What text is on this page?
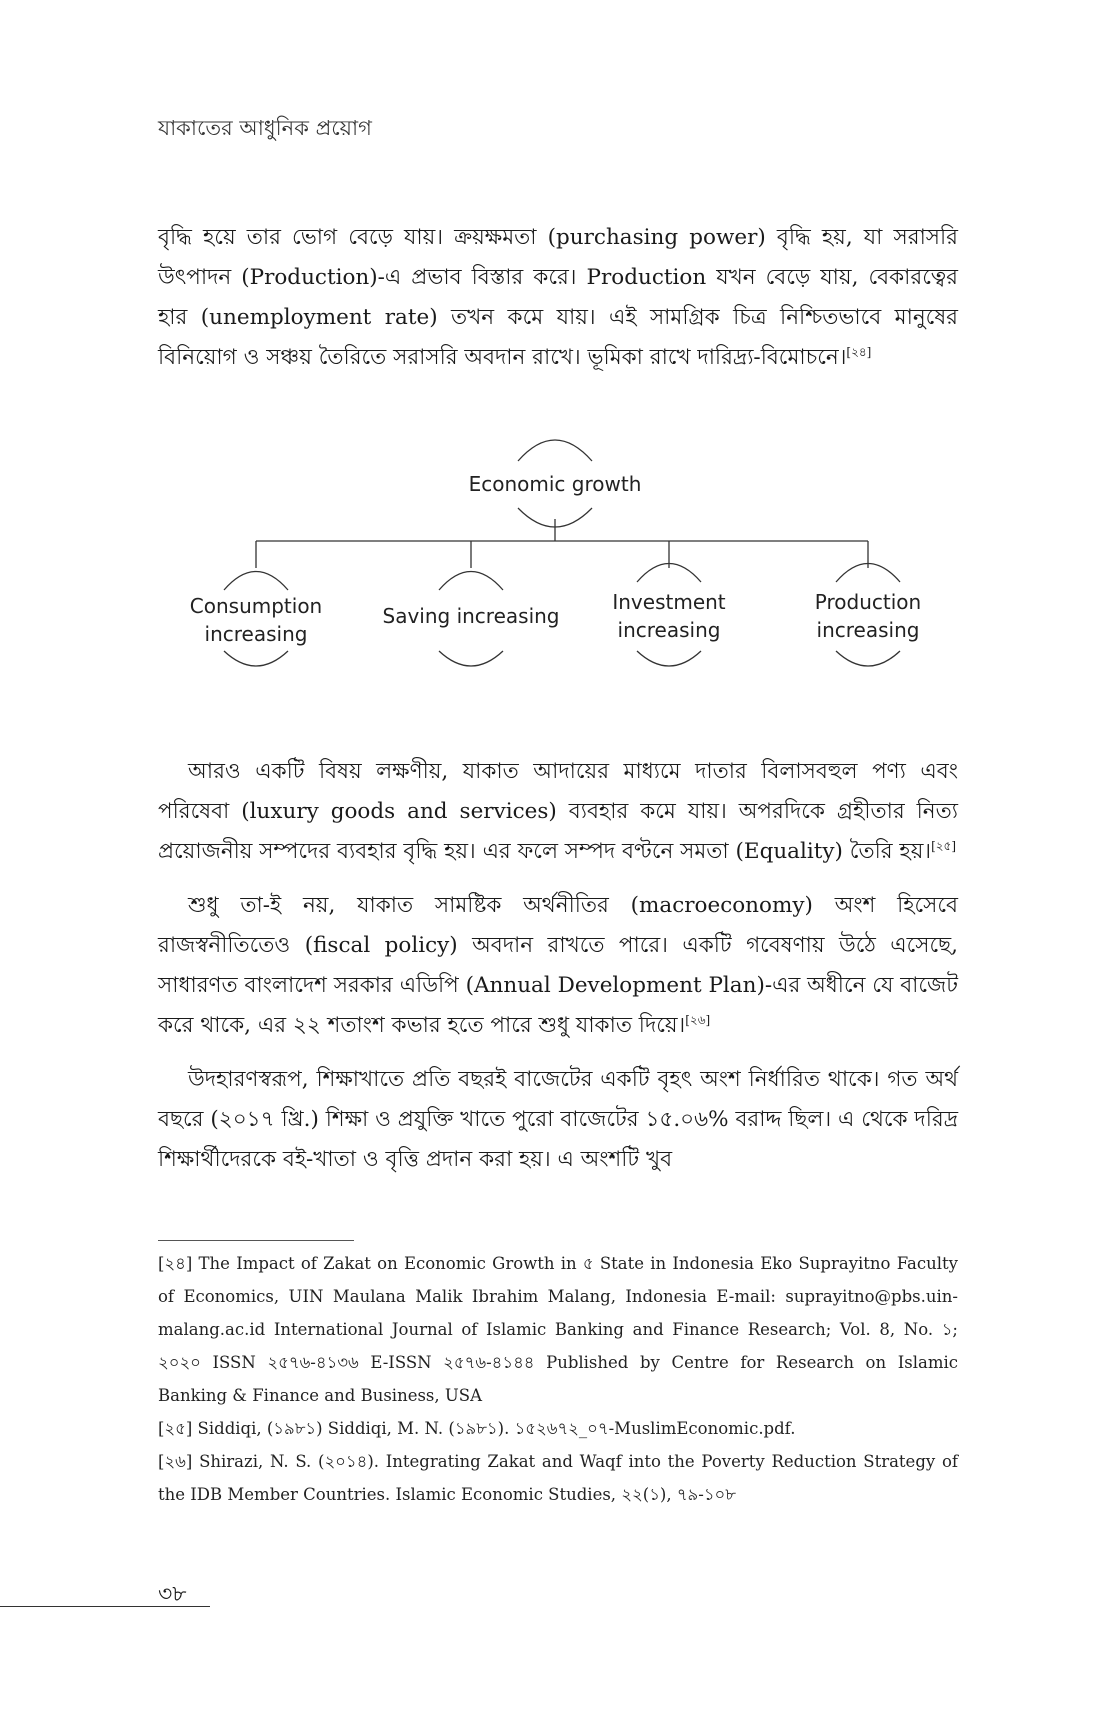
যাকাতের আধুনিক প্রয়োগ

বৃদ্ধি হয়ে তার ভোগ বেড়ে যায়। ক্রয়ক্ষমতা (purchasing power) বৃদ্ধি হয়, যা সরাসরি উৎপাদন (Production)-এ প্রভাব বিস্তার করে। Production যখন বেড়ে যায়, বেকারত্বের হার (unemployment rate) তখন কমে যায়। এই সামগ্রিক চিত্র নিশ্চিতভাবে মানুষের বিনিয়োগ ও সঞ্চয় তৈরিতে সরাসরি অবদান রাখে। ভূমিকা রাখে দারিদ্র্য-বিমোচনে।[২৪]

Economic growth
Consumption increasing
Saving increasing
Investment increasing
Production increasing

আরও একটি বিষয় লক্ষণীয়, যাকাত আদায়ের মাধ্যমে দাতার বিলাসবহুল পণ্য এবং পরিষেবা (luxury goods and services) ব্যবহার কমে যায়। অপরদিকে গ্রহীতার নিত্য প্রয়োজনীয় সম্পদের ব্যবহার বৃদ্ধি হয়। এর ফলে সম্পদ বণ্টনে সমতা (Equality) তৈরি হয়।[২৫]

শুধু তা-ই নয়, যাকাত সামষ্টিক অর্থনীতির (macroeconomy) অংশ হিসেবে রাজস্বনীতিতেও (fiscal policy) অবদান রাখতে পারে। একটি গবেষণায় উঠে এসেছে, সাধারণত বাংলাদেশ সরকার এডিপি (Annual Development Plan)-এর অধীনে যে বাজেট করে থাকে, এর ২২ শতাংশ কভার হতে পারে শুধু যাকাত দিয়ে।[২৬]

উদহারণস্বরূপ, শিক্ষাখাতে প্রতি বছরই বাজেটের একটি বৃহৎ অংশ নির্ধারিত থাকে। গত অর্থ বছরে (২০১৭ খ্রি.) শিক্ষা ও প্রযুক্তি খাতে পুরো বাজেটের ১৫.০৬% বরাদ্দ ছিল। এ থেকে দরিদ্র শিক্ষার্থীদেরকে বই-খাতা ও বৃত্তি প্রদান করা হয়। এ অংশটি খুব

[২৪] The Impact of Zakat on Economic Growth in ৫ State in Indonesia Eko Suprayitno Faculty of Economics, UIN Maulana Malik Ibrahim Malang, Indonesia E-mail: suprayitno@pbs.uin-malang.ac.id International Journal of Islamic Banking and Finance Research; Vol. 8, No. ১; ২০২০ ISSN ২৫৭৬-৪১৩৬ E-ISSN ২৫৭৬-৪১৪৪ Published by Centre for Research on Islamic Banking & Finance and Business, USA

[২৫] Siddiqi, (১৯৮১) Siddiqi, M. N. (১৯৮১). ১৫২৬৭২_০৭-MuslimEconomic.pdf.

[২৬] Shirazi, N. S. (২০১৪). Integrating Zakat and Waqf into the Poverty Reduction Strategy of the IDB Member Countries. Islamic Economic Studies, ২২(১), ৭৯-১০৮

৩৮
